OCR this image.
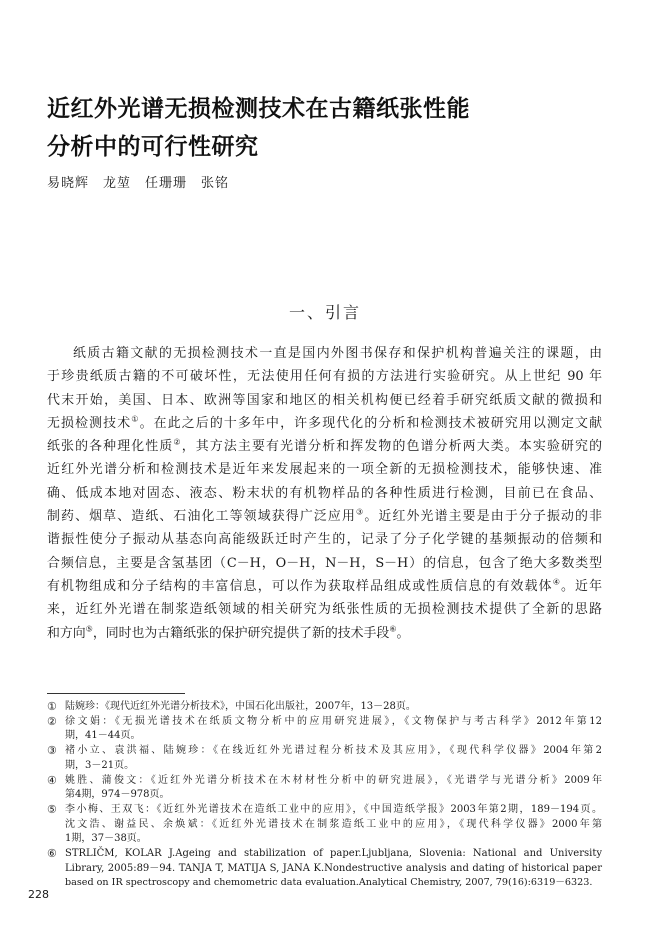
近红外光谱无损检测技术在古籍纸张性能
分析中的可行性研究
易晓辉　龙堃　任珊珊　张铭
一、引言
纸质古籍文献的无损检测技术一直是国内外图书保存和保护机构普遍关注的课题，由
于珍贵纸质古籍的不可破坏性，无法使用任何有损的方法进行实验研究。从上世纪 90 年
代末开始，美国、日本、欧洲等国家和地区的相关机构便已经着手研究纸质文献的微损和
无损检测技术①。在此之后的十多年中，许多现代化的分析和检测技术被研究用以测定文献
纸张的各种理化性质②，其方法主要有光谱分析和挥发物的色谱分析两大类。本实验研究的
近红外光谱分析和检测技术是近年来发展起来的一项全新的无损检测技术，能够快速、准
确、低成本地对固态、液态、粉末状的有机物样品的各种性质进行检测，目前已在食品、
制药、烟草、造纸、石油化工等领域获得广泛应用③。近红外光谱主要是由于分子振动的非
谐振性使分子振动从基态向高能级跃迁时产生的，记录了分子化学键的基频振动的倍频和
合频信息，主要是含氢基团（C－H，O－H，N－H，S－H）的信息，包含了绝大多数类型
有机物组成和分子结构的丰富信息，可以作为获取样品组成或性质信息的有效载体④。近年
来，近红外光谱在制浆造纸领域的相关研究为纸张性质的无损检测技术提供了全新的思路
和方向⑤，同时也为古籍纸张的保护研究提供了新的技术手段⑥。
① 陆婉珍：《现代近红外光谱分析技术》，中国石化出版社，2007年，13－28页。
② 徐文娟：《无损光谱技术在纸质文物分析中的应用研究进展》，《文物保护与考古科学》2012年第12
期，41－44页。
③ 褚小立、袁洪福、陆婉珍：《在线近红外光谱过程分析技术及其应用》，《现代科学仪器》2004年第2
期，3－21页。
④ 姚胜、蒲俊文：《近红外光谱分析技术在木材材性分析中的研究进展》，《光谱学与光谱分析》2009年
第4期，974－978页。
⑤ 李小梅、王双飞：《近红外光谱技术在造纸工业中的应用》，《中国造纸学报》2003年第2期，189－194页。
沈文浩、谢益民、余焕斌：《近红外光谱技术在制浆造纸工业中的应用》，《现代科学仪器》2000年第
1期，37－38页。
⑥ STRLIČM, KOLAR J.Ageing and stabilization of paper.Ljubljana, Slovenia: National and University
Library, 2005:89－94. TANJA T, MATIJA S, JANA K.Nondestructive analysis and dating of historical paper
based on IR spectroscopy and chemometric data evaluation.Analytical Chemistry, 2007, 79(16):6319－6323.
228
